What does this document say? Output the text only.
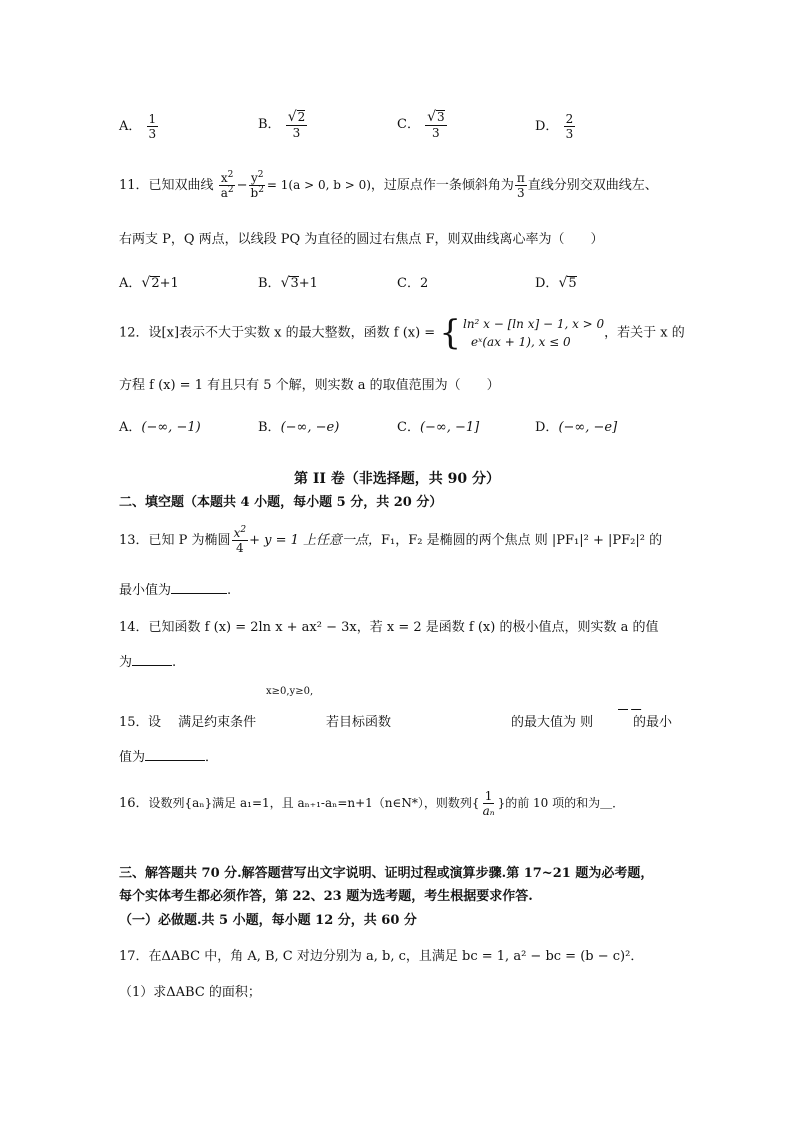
A． $\frac{1}{3}$	B． $\frac{√2}{3}$	C． $\frac{√3}{3}$	D． $\frac{2}{3}$
11．已知双曲线 $\frac{x^2}{a^2} - \frac{y^2}{b^2} = 1(a > 0$, b > 0)，过原点作一条倾斜角为 $\frac{\pi}{3}$ 直线分别交双曲线左、
右两支 P，Q 两点，以线段 PQ 为直径的圆过右焦点 F，则双曲线离心率为（　　）
A．√2+1	B．√3+1	C．2	D．√5
12．设[x]表示不大于实数 x 的最大整数，函数 f (x) = { ln² x − [ln x] − 1, x > 0
eˣ(ax + 1), x ≤ 0
，若关于 x 的
方程 f (x) = 1 有且只有 5 个解，则实数 a 的取值范围为（　　）
A．(−∞, −1)	B．(−∞, −e)	C．(−∞, −1]	D．(−∞, −e]
第 II 卷（非选择题，共 90 分）
二、填空题（本题共 4 小题，每小题 5 分，共 20 分）
13．已知 P 为椭圆 $\frac{x^2}{4} + y = 1$ 上任意一点，F₁，F₂ 是椭圆的两个焦点 则 |PF₁|² + |PF₂|² 的
最小值为	.
14．已知函数 f (x) = 2ln x + ax² − 3x，若 x = 2 是函数 f (x) 的极小值点，则实数 a 的值
为	.
x≥0,y≥0,
15． 设 　满足约束条件	若目标函数	的最大值为 则
⎺ ⎺
的最小
值为	．
16．设数列{aₙ}满足 a₁=1，且 aₙ₊₁-aₙ=n+1（n∈N*），则数列{ $\frac{1}{\text{aₙ}}$ }的前 10 项的和为＿．
三、解答题共 70 分.解答题营写出文字说明、证明过程或演算步骤.第 17~21 题为必考题，
每个实体考生都必须作答，第 22、23 题为选考题，考生根据要求作答.
（一）必做题.共 5 小题，每小题 12 分，共 60 分
17．在ΔABC 中，角 A, B, C 对边分别为 a, b, c，且满足 bc = 1, a² − bc = (b − c)²．
（1）求ΔABC 的面积；
